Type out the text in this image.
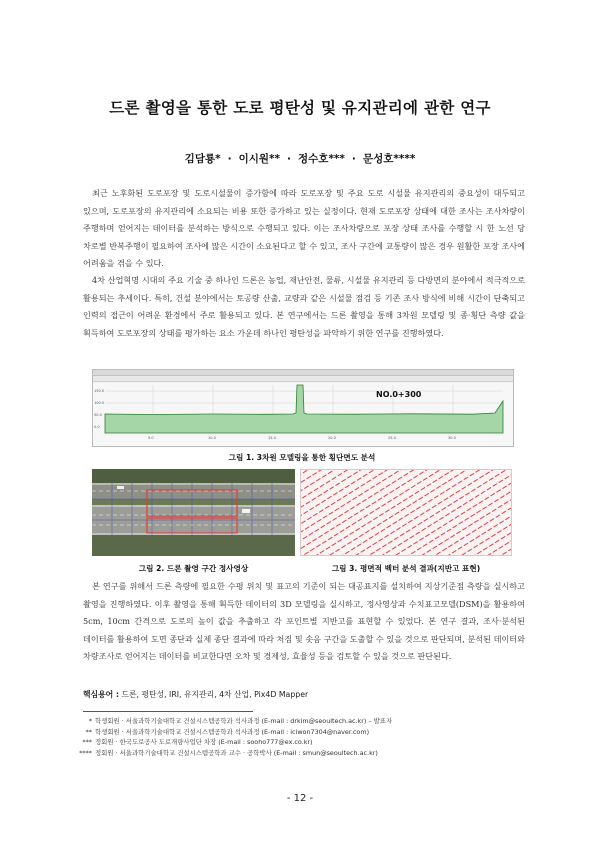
드론 촬영을 통한 도로 평탄성 및 유지관리에 관한 연구
김담룡* · 이시원** · 정수호*** · 문성호****

최근 노후화된 도로포장 및 도로시설물이 증가함에 따라 도로포장 및 주요 도로 시설물 유지관리의 중요성이 대두되고 있으며, 도로포장의 유지관리에 소요되는 비용 또한 증가하고 있는 실정이다. 현재 도로포장 상태에 대한 조사는 조사차량이 주행하며 얻어지는 데이터를 분석하는 방식으로 수행되고 있다. 이는 조사차량으로 포장 상태 조사를 수행할 시 한 노선 당 차로별 반복주행이 필요하여 조사에 많은 시간이 소요된다고 할 수 있고, 조사 구간에 교통량이 많은 경우 원활한 포장 조사에 어려움을 겪을 수 있다.

4차 산업혁명 시대의 주요 기술 중 하나인 드론은 농업, 재난안전, 물류, 시설물 유지관리 등 다방면의 분야에서 적극적으로 활용되는 추세이다. 특히, 건설 분야에서는 토공량 산출, 교량과 같은 시설물 점검 등 기존 조사 방식에 비해 시간이 단축되고 인력의 접근이 어려운 환경에서 주로 활용되고 있다. 본 연구에서는 드론 촬영을 통해 3차원 모델링 및 종·횡단 측량 값을 획득하여 도로포장의 상태를 평가하는 요소 가운데 하나인 평탄성을 파악하기 위한 연구를 진행하였다.

150.0
100.0
50.0
0.0
5.0	10.0	15.0	20.0	25.0	30.0
NO.0+300
그림 1. 3차원 모델링을 통한 횡단면도 분석
그림 2. 드론 촬영 구간 정사영상	그림 3. 평면적 벡터 분석 결과(지반고 표현)

본 연구를 위해서 드론 측량에 필요한 수평 위치 및 표고의 기준이 되는 대공표지를 설치하여 지상기준점 측량을 실시하고 촬영을 진행하였다. 이후 촬영을 통해 획득한 데이터의 3D 모델링을 실시하고, 정사영상과 수치표고모델(DSM)을 활용하여 5cm, 10cm 간격으로 도로의 높이 값을 추출하고 각 포인트별 지반고를 표현할 수 있었다. 본 연구 결과, 조사·분석된 데이터를 활용하여 도면 종단과 실제 종단 결과에 따라 처짐 및 솟음 구간을 도출할 수 있을 것으로 판단되며, 분석된 데이터와 차량조사로 얻어지는 데이터를 비교한다면 오차 및 경제성, 효율성 등을 검토할 수 있을 것으로 판단된다.

핵심용어 : 드론, 평탄성, IRI, 유지관리, 4차 산업, Pix4D Mapper
* 학생회원 · 서울과학기술대학교 건설시스템공학과 석사과정 (E-mail : drkim@seoultech.ac.kr) – 발표자
** 학생회원 · 서울과학기술대학교 건설시스템공학과 석사과정 (E-mail : iciwon7304@naver.com)
*** 정회원 · 한국도로공사 도로개량사업단 차장 (E-mail : sooho777@ex.co.kr)
**** 정회원 · 서울과학기술대학교 건설시스템공학과 교수 · 공학박사 (E-mail : smun@seoultech.ac.kr)
- 12 -
